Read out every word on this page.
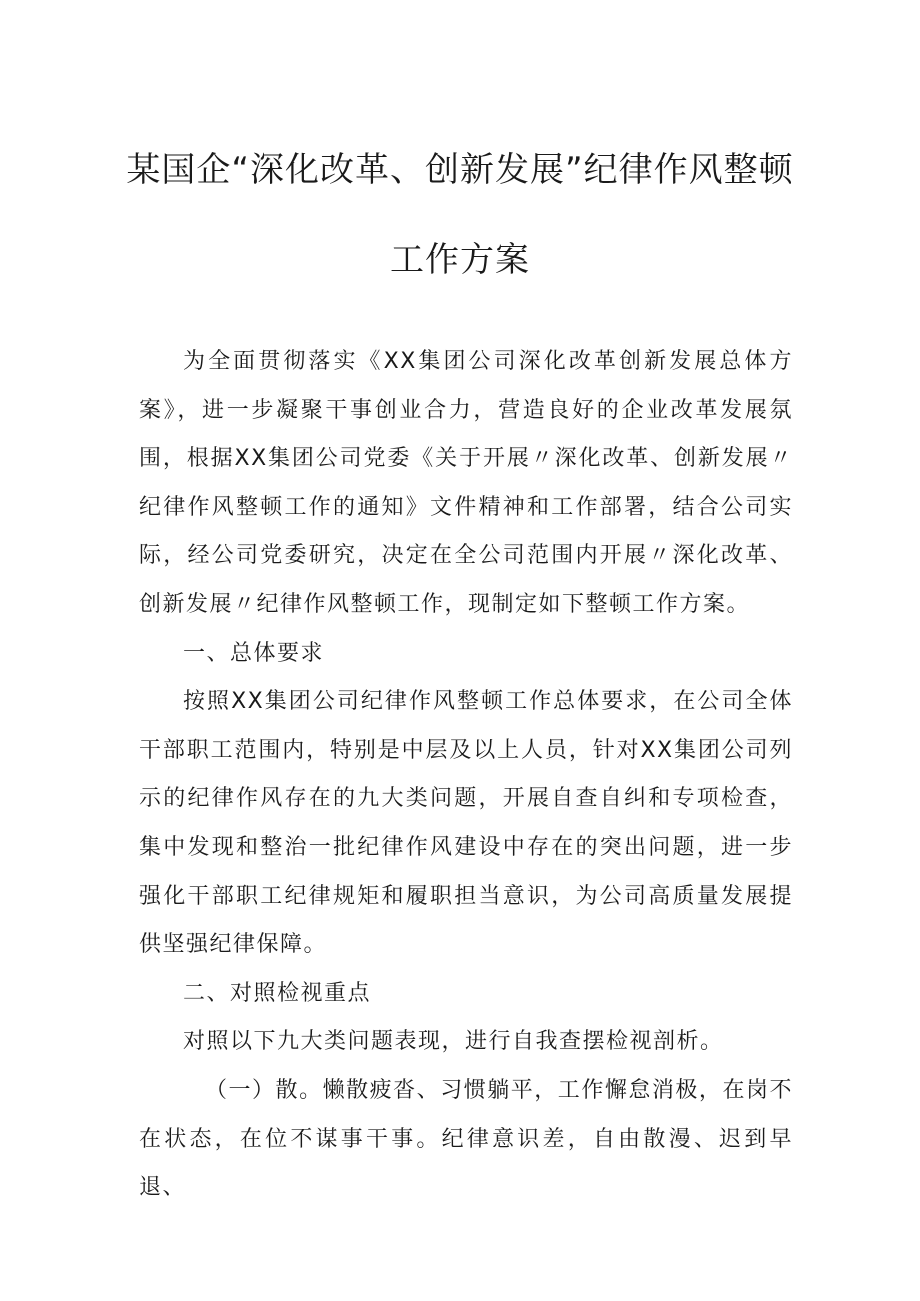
某国企“深化改革、创新发展”纪律作风整顿
工作方案

为全面贯彻落实《XX集团公司深化改革创新发展总体方案》，进一步凝聚干事创业合力，营造良好的企业改革发展氛围，根据XX集团公司党委《关于开展〃深化改革、创新发展〃纪律作风整顿工作的通知》文件精神和工作部署，结合公司实际，经公司党委研究，决定在全公司范围内开展〃深化改革、创新发展〃纪律作风整顿工作，现制定如下整顿工作方案。

一、总体要求

按照XX集团公司纪律作风整顿工作总体要求，在公司全体干部职工范围内，特别是中层及以上人员，针对XX集团公司列示的纪律作风存在的九大类问题，开展自查自纠和专项检查，集中发现和整治一批纪律作风建设中存在的突出问题，进一步强化干部职工纪律规矩和履职担当意识，为公司高质量发展提供坚强纪律保障。

二、对照检视重点

对照以下九大类问题表现，进行自我查摆检视剖析。

（一）散。懒散疲沓、习惯躺平，工作懈怠消极，在岗不在状态，在位不谋事干事。纪律意识差，自由散漫、迟到早退、
